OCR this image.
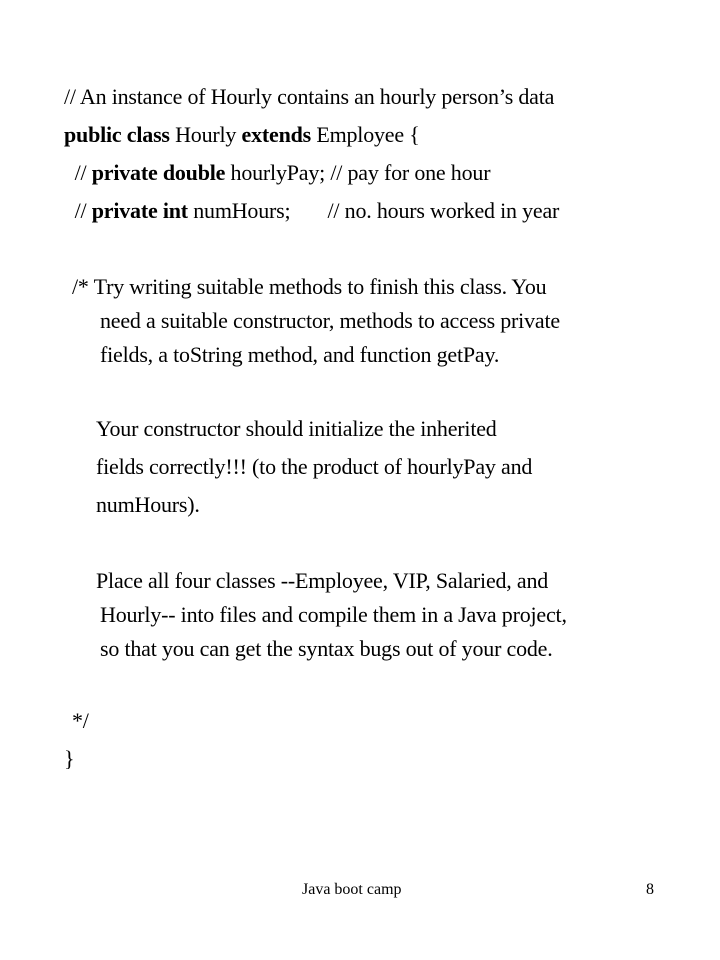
// An instance of Hourly contains an hourly person’s data
public class Hourly extends Employee {
// private double hourlyPay; // pay for one hour
// private int numHours;       // no. hours worked in year
/* Try writing suitable methods to finish this class. You
need a suitable constructor, methods to access private
fields, a toString method, and function getPay.
Your constructor should initialize the inherited
fields correctly!!! (to the product of hourlyPay and
numHours).
Place all four classes --Employee, VIP, Salaried, and
Hourly-- into files and compile them in a Java project,
so that you can get the syntax bugs out of your code.
*/
}
Java boot camp	8
